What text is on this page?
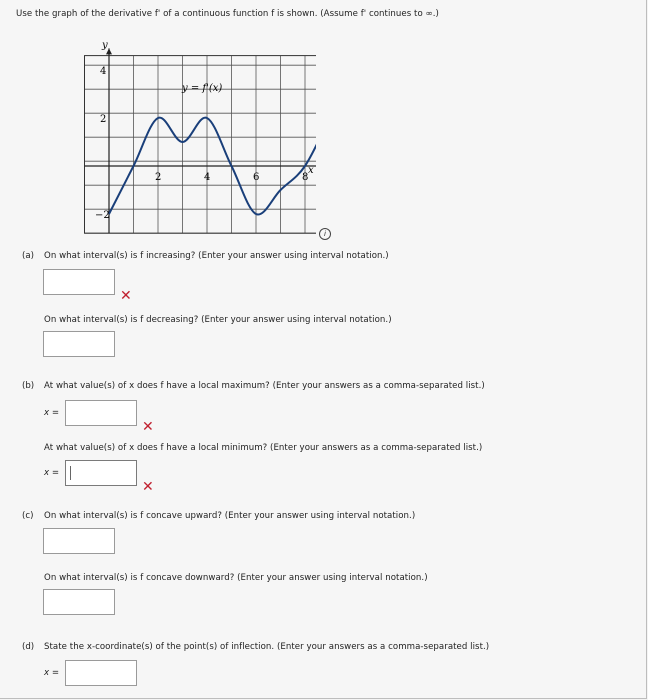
Use the graph of the derivative f' of a continuous function f is shown. (Assume f' continues to ∞.)
y
x
y = f'(x)
2	4	6	8
4
2
−2
i
(a) On what interval(s) is f increasing? (Enter your answer using interval notation.)
✕
On what interval(s) is f decreasing? (Enter your answer using interval notation.)
(b) At what value(s) of x does f have a local maximum? (Enter your answers as a comma-separated list.)
x =
✕
At what value(s) of x does f have a local minimum? (Enter your answers as a comma-separated list.)
x =
✕
(c) On what interval(s) is f concave upward? (Enter your answer using interval notation.)
On what interval(s) is f concave downward? (Enter your answer using interval notation.)
(d) State the x-coordinate(s) of the point(s) of inflection. (Enter your answers as a comma-separated list.)
x =
